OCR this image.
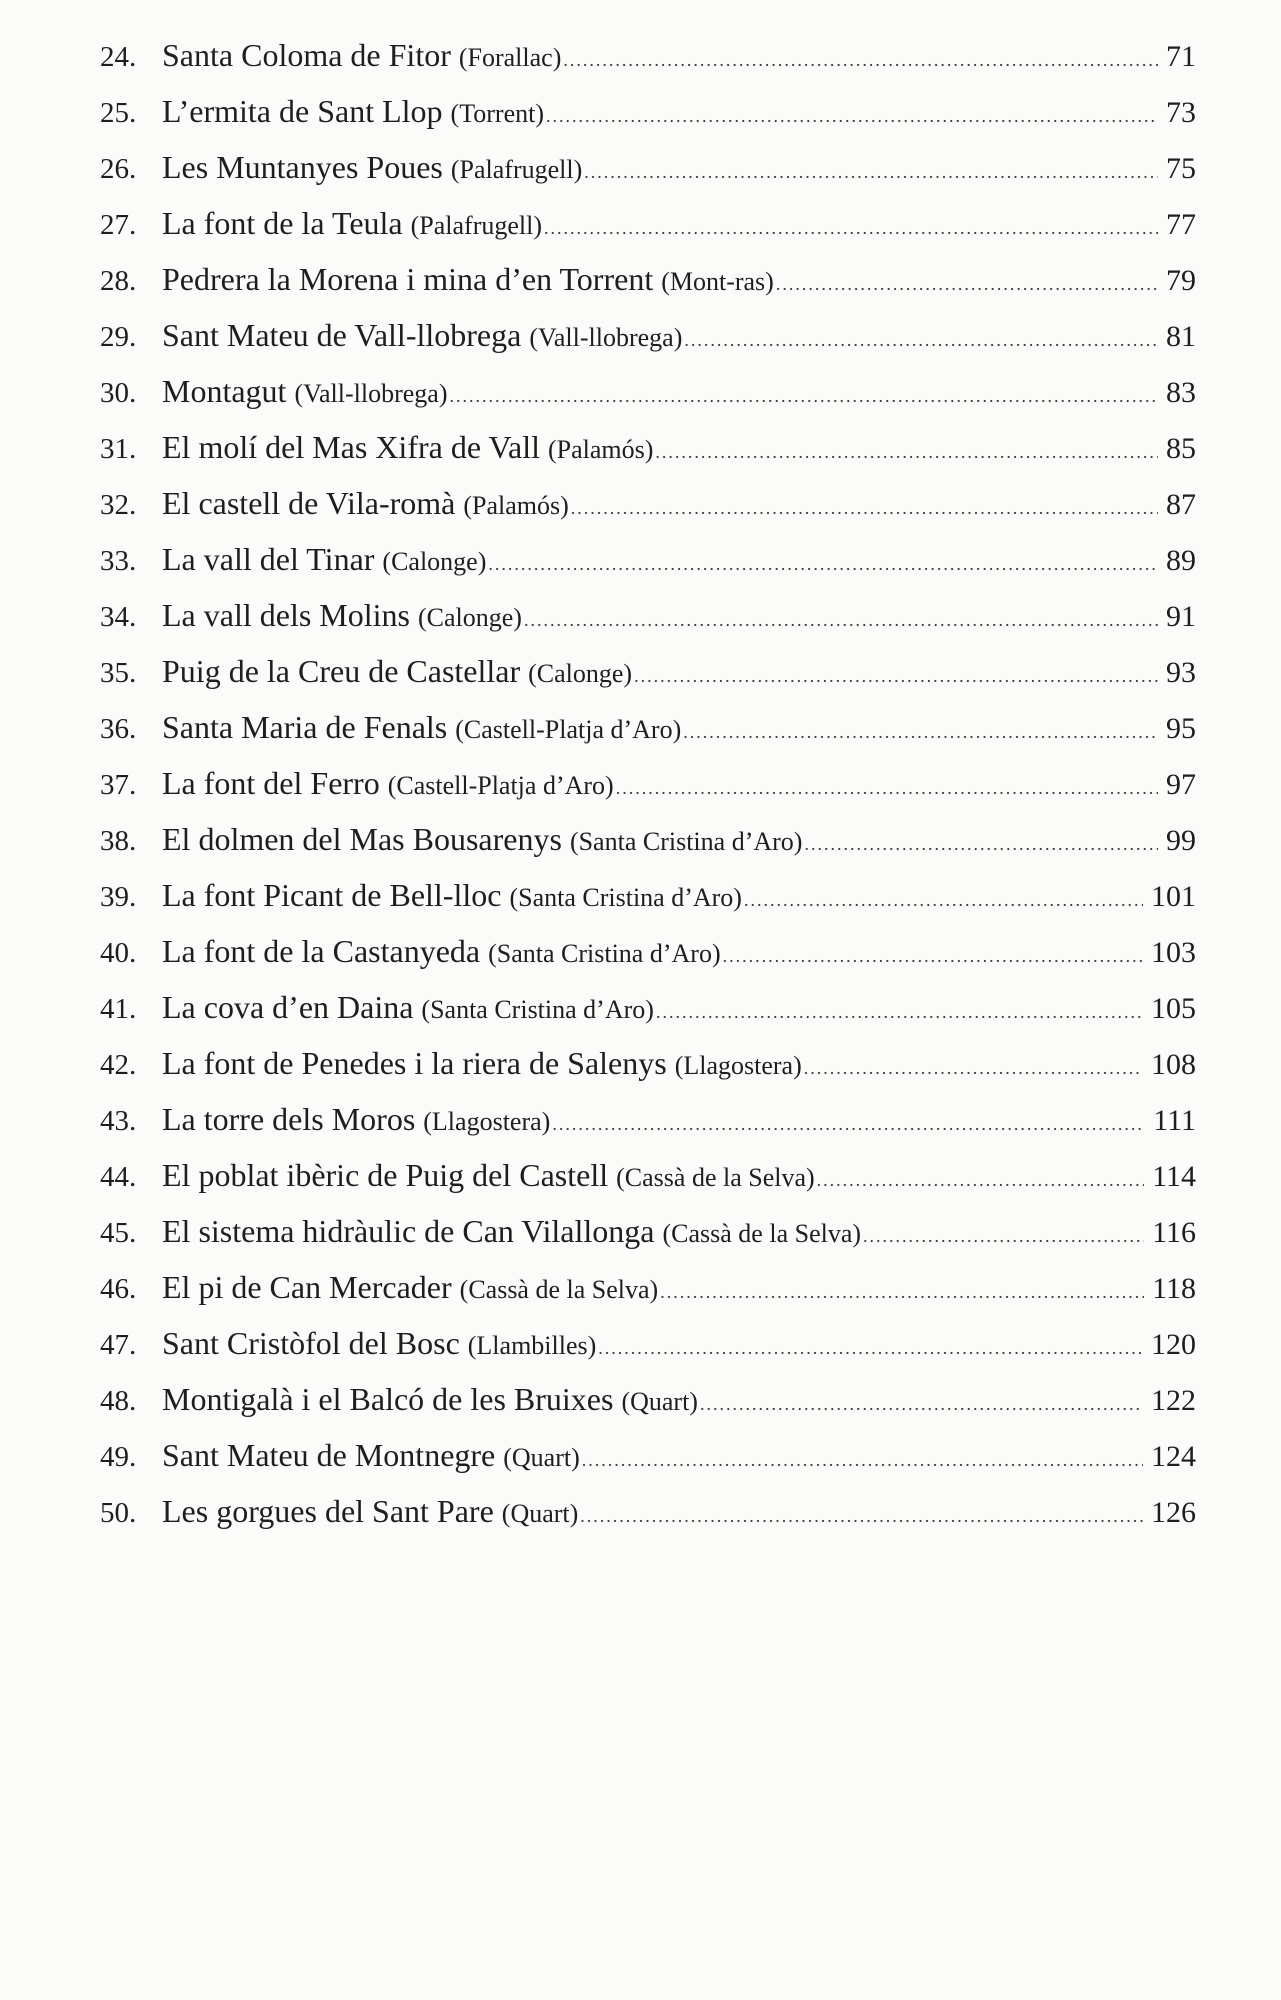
24. Santa Coloma de Fitor (Forallac) .....	71
25. L’ermita de Sant Llop (Torrent) .....	73
26. Les Muntanyes Poues (Palafrugell) .....	75
27. La font de la Teula (Palafrugell) .....	77
28. Pedrera la Morena i mina d’en Torrent (Mont-ras) .....	79
29. Sant Mateu de Vall-llobrega (Vall-llobrega) .....	81
30. Montagut (Vall-llobrega) .....	83
31. El molí del Mas Xifra de Vall (Palamós) .....	85
32. El castell de Vila-romà (Palamós) .....	87
33. La vall del Tinar (Calonge) .....	89
34. La vall dels Molins (Calonge) .....	91
35. Puig de la Creu de Castellar (Calonge) .....	93
36. Santa Maria de Fenals (Castell-Platja d’Aro) .....	95
37. La font del Ferro (Castell-Platja d’Aro) .....	97
38. El dolmen del Mas Bousarenys (Santa Cristina d’Aro) .....	99
39. La font Picant de Bell-lloc (Santa Cristina d’Aro) .....	101
40. La font de la Castanyeda (Santa Cristina d’Aro) .....	103
41. La cova d’en Daina (Santa Cristina d’Aro) .....	105
42. La font de Penedes i la riera de Salenys (Llagostera) .....	108
43. La torre dels Moros (Llagostera) .....	111
44. El poblat ibèric de Puig del Castell (Cassà de la Selva) .....	114
45. El sistema hidràulic de Can Vilallonga (Cassà de la Selva) .....	116
46. El pi de Can Mercader (Cassà de la Selva) .....	118
47. Sant Cristòfol del Bosc (Llambilles) .....	120
48. Montigalà i el Balcó de les Bruixes (Quart) .....	122
49. Sant Mateu de Montnegre (Quart) .....	124
50. Les gorgues del Sant Pare (Quart) .....	126
